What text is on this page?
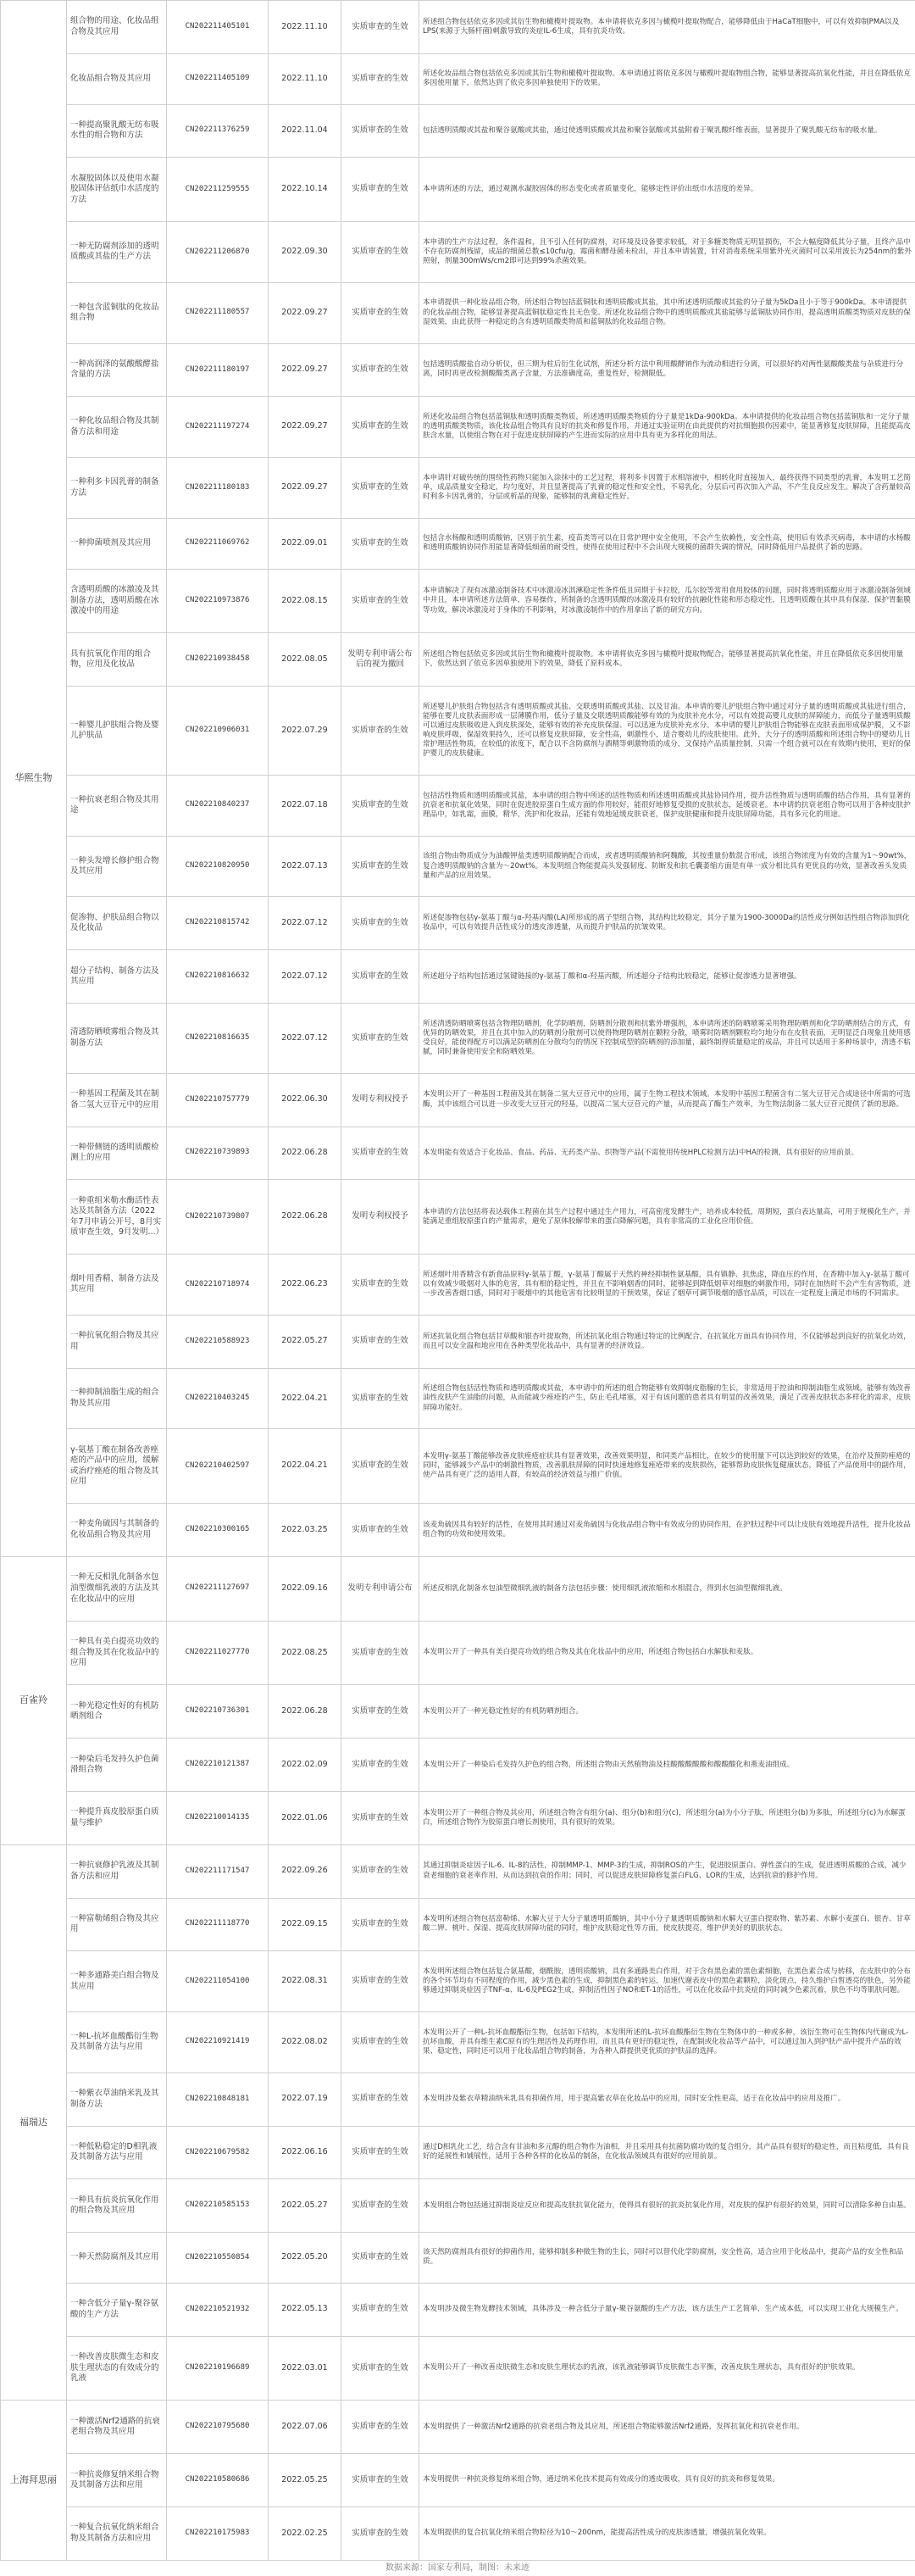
华熙生物	组合物的用途、化妆品组合物及其应用	CN202211405101	2022.11.10	实质审查的生效	所述组合物包括依克多因或其衍生物和橄榄叶提取物。本申请将依克多因与橄榄叶提取物配合，能够降低由于HaCaT细胞中，可以有效抑制PMA以及LPS(来源于大肠杆菌)刺激导致的炎症IL-6生成，具有抗炎功效。
	化妆品组合物及其应用	CN202211405109	2022.11.10	实质审查的生效	所述化妆品组合物包括依克多因或其衍生物和橄榄叶提取物。本申请通过将依克多因与橄榄叶提取物组合物，能够显著提高抗氧化性能，并且在降低依克多因使用量下，依然达到了依克多因单独使用下的效果。
	一种提高聚乳酸无纺布吸水性的组合物和方法	CN202211376259	2022.11.04	实质审查的生效	包括透明质酸或其盐和聚谷氨酸或其盐，通过使透明质酸或其盐和聚谷氨酸或其盐附着于聚乳酸纤维表面，显著提升了聚乳酸无纺布的吸水量。
	水凝胶固体以及使用水凝胶固体评估纸巾水活度的方法	CN202211259555	2022.10.14	实质审查的生效	本申请所述的方法，通过观测水凝胶固体的形态变化或者质量变化，能够定性评价出纸巾水活度的差异。
	一种无防腐剂添加的透明质酸或其盐的生产方法	CN202211206870	2022.09.30	实质审查的生效	本申请的生产方法过程，条件温和，且不引入任何防腐剂，对环境及设备要求较低，对于多糖类物质无明显损伤，不会大幅度降低其分子量，且终产品中不存在防腐剂残留，成品的细菌总数≤10cfu/g，霉菌和酵母菌未检出，并且本申请装置，针对消毒系统采用紫外光灭菌时可以采用波长为254nm的紫外照射，剂量300mWs/cm2即可达到99%杀菌效果。
	一种包含蓝铜肽的化妆品组合物	CN202211180557	2022.09.27	实质审查的生效	本申请提供一种化妆品组合物，所述组合物包括蓝铜肽和透明质酸或其盐，其中所述透明质酸或其盐的分子量为5kDa且小于等于900kDa。本申请提供的化妆品组合物，能够显著提高蓝铜肽稳定性且无色变。所述化妆品组合物中的透明质酸或其盐能够与蓝铜肽协同作用，提高透明质酸类物质对皮肤的保湿效果，由此获得一种稳定的含有透明质酸类物质和蓝铜肽的化妆品组合物。
	一种高润泽的氨酸酸酵盐含量的方法	CN202211180197	2022.09.27	实质审查的生效	包括透明质酸盐自动分析仪，但三期为柱后衍生化试剂，所述分析方法中利用酸酵钠作为流动相进行分离，可以很好的对两性氨酸酸类盐与杂质进行分离，同时再更改检测酸酸类离子含量，方法准确度高，重复性好，检测限低。
	一种化妆品组合物及其制备方法和用途	CN202211197274	2022.09.27	实质审查的生效	所述化妆品组合物包括蓝铜肽和透明质酸类物质，所述透明质酸类物质的分子量是1kDa-900kDa。本申请提供的化妆品组合物包括蓝铜肽和一定分子量的透明质酸类物质，该化妆品组合物具有良好的抗炎和修复作用，并通过实验证明在由此提供的对抗细胞损伤因素中，能显著修复皮肤屏障，且能提高皮肤含水量，以使组合物在对于促进皮肤屏障的产生进而实际的应用中具有更为多样化的用法。
	一种利多卡因乳膏的制备方法	CN202211180183	2022.09.27	实质审查的生效	本申请针对破传统的围绕性药物只能加入涂抹中的工艺过程，将利多卡因置于水相溶液中，相转化时直接加入，最终获得不同类型的乳膏，本发明工艺简单，成品质量安全稳定，均匀度好，并且显著提高了乳膏的稳定性和安全性，不易乳化，分层后可再次加入产品，不产生良反应发生。解决了含药量较高时利多卡因乳膏的，分层或析晶的现象，能够制的乳膏稳定性好。
	一种抑菌喷剂及其应用	CN202211069762	2022.09.01	实质审查的生效	包括含水杨酸和透明质酸钠，区别于抗生素，疫苗类等可以在日常护理中安全使用，不会产生依赖性，安全性高，使用后有效杀灭病毒，本申请的水杨酸和透明质酸钠协同作用能显著降低细菌的耐受性，使得在使用过程中不会出现大规模的菌群失调的情况，同时降低用户品提供了新的思路。
	含透明质酸的冰激凌及其制备方法，透明质酸在冰激凌中的用途	CN202210973876	2022.08.15	实质审查的生效	本申请解决了现有冰激凌制备技术中冰激凌冰淇淋稳定性条件低且同期于卡拉胶，瓜尔胶等常用食用胶体的问题，同时将透明质酸应用于冰激凌制备领域中并且，本申请所述方法简单，容易操作，所制备的含透明质酸的冰激凌具有较好的抗融化性能和形态稳定性，且透明质酸在其中具有保湿、保护胃黏膜等功效，解决冰激凌对于身体的不利影响，对冰激凌制作中的作用拿出了新的研究方向。
	具有抗氧化作用的组合物，应用及化妆品	CN202210938458	2022.08.05	发明专利申请公布后的视为撤回	所述组合物包括依克多因或其衍生物和橄榄叶提取物。本申请将依克多因与橄榄叶提取物配合，能够显著提高抗氧化性能，并且在降低依克多因使用量下，依然达到了依克多因单独使用下的效果，降低了原料成本。
	一种婴儿护肤组合物及婴儿护肤品	CN202210906031	2022.07.29	实质审查的生效	所述婴儿护肤组合物包括含有透明质酸或其盐、交联透明质酸或其盐、以及甘油。本申请的婴儿护肤组合物中通过对分子量的透明质酸或其盐进行组合，能够在婴儿皮肤表面形成一层薄膜作用，低分子量及交联透明质酸能够有效的为皮肤补充水分，可以有效提高婴儿皮肤的屏障能力，而低分子量透明质酸可以通过皮肤吸收进入到皮肤深处，能够有效的补充皮肤保湿、可以迅速为皮肤补充水分。本申请的婴儿护肤组合物能够在皮肤表面形成保护膜，又不影响皮肤呼吸，保湿效果持久，还可以修复皮肤屏障，安全性高，刺激性小，适合婴幼儿的皮肤使用。此外，大分子的透明质酸和所述组合物中的婴幼儿日常护理活性物质，在较低的浓度下，配合以不含防腐剂与酒精等刺激物质的成分，又保持产品质量控制，只需一个组合就可以在有效期内使用，更好的保护婴儿的皮肤健康。
	一种抗衰老组合物及其用途	CN202210840237	2022.07.18	实质审查的生效	包括活性物质和透明质酸或其盐，本申请的组合物中所述的活性物质和所述透明质酸或其盐协同作用，提升活性物质与透明质酸的结合作用，具有显著的抗衰老和抗氧化效果，同时在促进胶原蛋白生成方面的作用较好，能很好地修复受损的皮肤状态，延缓衰老。本申请的抗衰老组合物可以用于各种皮肤护理品中，如乳霜，面膜，精华，洗护和化妆品，还能有效地延缓皮肤衰老，保护皮肤健康和提升皮肤屏障功能，具有多元化的用途。
	一种头发增长修护组合物及其应用	CN202210820950	2022.07.13	实质审查的生效	该组合物由物质成分为油酸钾盐类透明质酸钠配合而成，或者透明质酸钠和阿魏酸，其按重量份数混合形成，该组合物浓度为有效的含量为1～90wt%，复合透明质酸钠的含量为～20wt%。本发明组合物能提高头发强韧度、防断发和抗毛囊萎缩方面是有单一成分相比具有更优良的功效，显著改善头发质量和产品的应用效果。
	促渗物、护肤品组合物以及化妆品	CN202210815742	2022.07.12	实质审查的生效	所述促渗物包括γ-氨基丁酸与α-羟基丙酸(LA)所形成的离子型组合物，其结构比较稳定，其分子量为1900-3000Da的活性成分例如活性组合物添加到化妆品中，可以有效提升活性成分的透皮渗透量，从而提升护肤品的抗皱效果。
	超分子结构、制备方法及其应用	CN202210816632	2022.07.12	实质审查的生效	所述超分子结构包括通过氢键链接的γ-氨基丁酸和α-羟基丙酸，所述超分子结构比较稳定，能够让促渗透力显著增强。
	清透防晒喷雾组合物及其制备方法	CN202210816635	2022.07.12	实质审查的生效	所述清透防晒喷雾包括含物理防晒剂，化学防晒剂，防晒剂分散剂和抗紫外增强剂，本申请所述的防晒喷雾采用物理防晒剂和化学防晒剂结合的方式，有优异的防晒效果，并且在其中加入的防晒剂分散剂可以使得物理防晒剂在颗粒分散，喷雾时防晒剂颗粒均匀地分布在皮肤表面，无明显泛白现象且使用感受良好，能使得配方可以满足防晒剂在分散均匀的情况下控制成型的防晒剂的添加量，最终制得质量稳定的成品，并且可以适用于多种场景中，清透不粘腻，同时兼备使用安全和防晒效果。
	一种基因工程菌及其在制备二氢大豆苷元中的应用	CN202210757779	2022.06.30	发明专利权授予	本发明公开了一种基因工程菌及其在制备二氢大豆苷元中的应用，属于生物工程技术领域。本发明中基因工程菌含有二氢大豆苷元合成途径中所需的可选酶，其中该组合可以进一步改变大豆苷元的羟基，以提高二氢大豆苷元的产量，从而提高了酶生产效率，为生物法制备二氢大豆苷元提供了新的思路。
	一种带侧链的透明质酸检测上的应用	CN202210739893	2022.06.28	实质审查的生效	本发明能有效适合于化妆品、食品、药品、无药类产品、织物等产品(不需使用传统HPLC检测方法)中HA的检测，具有很好的应用前景。
	一种重组米勒水酶活性表达及其制备方法（2022年7月申请公开号，8月实质审查生效，9月发明...）	CN202210739807	2022.06.28	发明专利权授予	本申请的方法包括将表达载体工程菌在其生产过程中通过生产用力，可高密度发酵生产，培养成本较低，周期短，蛋白表达量高，可用于规模化生产，并能满足重组胶原蛋白的产量需求，避免了原体胶解带来的蛋白降解问题，具有非常高的工业化应用价值。
	烟叶用香精、制备方法及其应用	CN202210718974	2022.06.23	实质审查的生效	所述烟叶用香精含有新食品原料γ-氨基丁酸，γ-氨基丁酸属于天然的神经抑制性氨基酸，具有镇静、抗焦虑，降血压的作用，在香精中加入γ-氨基丁酸可以有效减少吸烟对人体的危害，具有相的稳定性，并且在不影响烟香的同时，能够起到降低烟草对细胞的刺激作用，同时在加热时不会产生有害物质，进一步改善香烟口感，同时对于吸烟中的其他危害有比较明显的干预效果，保证了烟草可调节吸烟的感官品质，可以在一定程度上满足市场的不同需求。
	一种抗氧化组合物及其应用	CN202210588923	2022.05.27	实质审查的生效	所述抗氧化组合物包括甘草酸和银杏叶提取物，所述抗氧化组合物通过特定的比例配合，在抗氧化方面具有协同作用，不仅能够起到良好的抗氧化功效，而且可以安全温和地应用在各种类型化妆品中，具有显著的经济效益。
	一种抑制油脂生成的组合物及其应用	CN202210403245	2022.04.21	实质审查的生效	所述组合物包括活性物质和透明质酸或其盐，本申请中的所述的组合物能够有效抑制皮脂腺的生长，非常适用于控油和抑制油脂生成领域，能够有效改善油性皮肤产生油脂的问题，从而能减少痤疮的产生，防止毛孔堵塞，对于有该问题的患者具有明显的改善效果，满足了改善皮肤状态多样化的需求，皮肤屏障功能好。
	γ-氨基丁酸在制备改善痤疮的产品中的应用，缓解或治疗痤疮的组合物及其应用	CN202210402597	2022.04.21	实质审查的生效	本发明γ-氨基丁酸能够改善皮肤痤疮症状具有显著效果，改善效果明显，和同类产品相比，在较少的使用量下可以达到较好的效果，在治疗及预防痤疮的同时，能够减少产品中的刺激性物质，改善肌肤屏障的同时快速地修复痤疮带来的皮肤损伤，能够帮助皮肤恢复健康状态，降低了产品使用中的副作用，使产品具有更广泛的适用人群，有较高的经济效益与推广价值。
	一种麦角硫因与其制备的化妆品组合物及其应用	CN202210300165	2022.03.25	实质审查的生效	该麦角硫因具有较好的活性，在使用其时通过对麦角硫因与化妆品组合物中有效成分的协同作用，在护肤过程中可以让皮肤有效地提升活性，提升化妆品组合物的功效和使用效果。
百雀羚	一种无反相乳化制备水包油型微细乳液的方法及其在化妆品中的应用	CN202211127697	2022.09.16	发明专利申请公布	所述反相乳化制备水包油型微细乳液的制备方法包括步骤：使用细乳液浓缩和水相混合，得到水包油型微细乳液。
	一种具有美白提亮功效的组合物及其在化妆品中的应用	CN202211027770	2022.08.25	实质审查的生效	本发明公开了一种具有美白提亮功效的组合物及其在化妆品中的应用，所述组合物包括白水解肽和麦肽。
	一种光稳定性好的有机防晒剂组合	CN202210736301	2022.06.28	实质审查的生效	本发明公开了一种光稳定性好的有机防晒剂组合。
	一种染后毛发持久护色菌滑组合物	CN202210121387	2022.02.09	实质审查的生效	本发明公开了一种染后毛发持久护色的组合物，所述组合物由天然植物油及柱酸酸酸酸酸和酸酸酸化和燕麦油组成。
	一种提升真皮胶原蛋白质量与维护	CN202210014135	2022.01.06	实质审查的生效	本发明公开了一种组合物及其应用，所述组合物含有组分(a)、组分(b)和组分(c)，所述组分(a)为小分子肽，所述组分(b)为多肽，所述组分(c)为水解蛋白，所述组合物作为胶原蛋白增长剂使用，具有很好的效果。
福瑞达	一种抗衰修护乳液及其制备方法和应用	CN202211171547	2022.09.26	实质审查的生效	其通过抑制炎症因子IL-6、IL-8的活性，抑制MMP-1、MMP-3的生成，抑制ROS的产生，促进胶原蛋白、弹性蛋白的生成，促进透明质酸的合成，减少衰老细胞的衰老率作用，从而达到抗衰的作用；同时，可以促进皮肤屏障修复蛋白FLG、LOR的生成，达到抗衰的修护作用。
	一种富勒烯组合物及其应用	CN202211118770	2022.09.15	实质审查的生效	本发明所述组合物包括富勒烯、水解大豆于大分子量透明质酸钠，其中小分子量透明质酸钠和水解大豆蛋白提取物、紫苏素、水解小麦蛋白、银杏、甘草酸二钾、桃叶、保湿、提高皮肤屏障功能的同时，维护皮肤稳定性等方面，使皮肤提亮，维护伊美好的肌肤状态。
	一种多通路美白组合物及其应用	CN202211054100	2022.08.31	实质审查的生效	本发明所述组合物包括复合氨基酸，烟酰胺，透明质酸钠，具有多通路美白作用，对于含有黑色素的黑色素细胞，在黑色素合成与转移，在皮肤中的分布的各个环节均有不同程度的作用，减少黑色素的生成，抑制黑色素的转运，加速代谢表皮中的黑色素颗粒，淡化斑点，持久维护白皙透亮的肤色，另外能够通过抑制炎症因子TNF-α、IL-6及PEG2生成，抑制活性因子NO和ET-1的活性，可以在化妆品中抗炎症的同时减少色素沉着，肤色不均等肌肤问题。
	一种L-抗坏血酸酯衍生物及其制备方法与应用	CN202210921419	2022.08.02	实质审查的生效	本发明公开了一种L-抗坏血酸酯衍生物，包括如下结构，本发明所述的L-抗坏血酸酯衍生物在生物体中的一种或多种，该衍生物可在生物体内代谢成为L-抗坏血酸，并具有维生素C原有的生理活性及药理作用，而且具有更好的稳定性，在配制或化妆品等产品中，可以通过加入到护肤产品中提升产品的效果、稳定性，同时还可以用于化妆品组合物的制备，为各种人群提供更优质的护肤品的选择。
	一种紫衣草油纳米乳及其制备方法	CN202210848181	2022.07.19	实质审查的生效	本发明涉及紫衣草精油纳米乳具有抑菌作用，用于提高紫衣草在化妆品中的应用，同时安全性更高，适于在化妆品中的应用及推广。
	一种低粘稳定的D相乳液及其制备方法与应用	CN202210679582	2022.06.16	实质审查的生效	通过D相乳化工艺，结合含有甘油和多元醇的组合物作为油相，并且采用具有抗菌防腐功效的复合组分，其产品具有很好的稳定性，而且粘度低，具有良好的延展性和铺展性，适用于各种各样的化妆品的制备，在化妆品领域具有很好的应用前景。
	一种具有抗炎抗氧化作用的组合物及其应用	CN202210585153	2022.05.27	实质审查的生效	本发明组合物包括通过抑制炎症反应和提高皮肤抗氧化能力，使得具有很好的抗炎抗氧化作用，对皮肤的保护有很好的效果，同时可以清除多种自由基。
	一种天然防腐剂及其应用	CN202210550854	2022.05.20	实质审查的生效	该天然防腐剂具有很好的抑菌作用，能够抑制多种微生物的生长，同时可以替代化学防腐剂，安全性高，适合应用于化妆品中，提高产品的安全性和品质。
	一种含低分子量γ-聚谷氨酸的生产方法	CN202210521932	2022.05.13	实质审查的生效	本发明涉及微生物发酵技术领域，具体涉及一种含低分子量γ-聚谷氨酸的生产方法，该方法生产工艺简单，生产成本低，可以实现工业化大规模生产。
	一种改善皮肤微生态和皮肤生理状态的有效成分的乳液	CN202210196689	2022.03.01	实质审查的生效	本发明公开了一种改善皮肤微生态和皮肤生理状态的乳液，该乳液能够调节皮肤微生态平衡，改善皮肤生理状态，具有很好的护肤效果。
上海拜思丽	一种激活Nrf2通路的抗衰老组合物及其应用	CN202210795680	2022.07.06	实质审查的生效	本发明提供了一种激活Nrf2通路的抗衰老组合物及其应用，所述组合物能够激活Nrf2通路，发挥抗氧化和抗衰老作用。
	一种抗炎修复纳米组合物及其制备方法和应用	CN202210580686	2022.05.25	实质审查的生效	本发明提供一种抗炎修复纳米组合物，通过纳米化技术提高有效成分的透皮吸收，具有良好的抗炎和修复效果。
	一种复合抗氧化纳米组合物及其制备方法和应用	CN202210175983	2022.02.25	实质审查的生效	本发明提供的复合抗氧化纳米组合物粒径为10～200nm，能提高活性成分的皮肤渗透量，增强抗氧化效果。
数据来源：国家专利局，制图：未来迹
